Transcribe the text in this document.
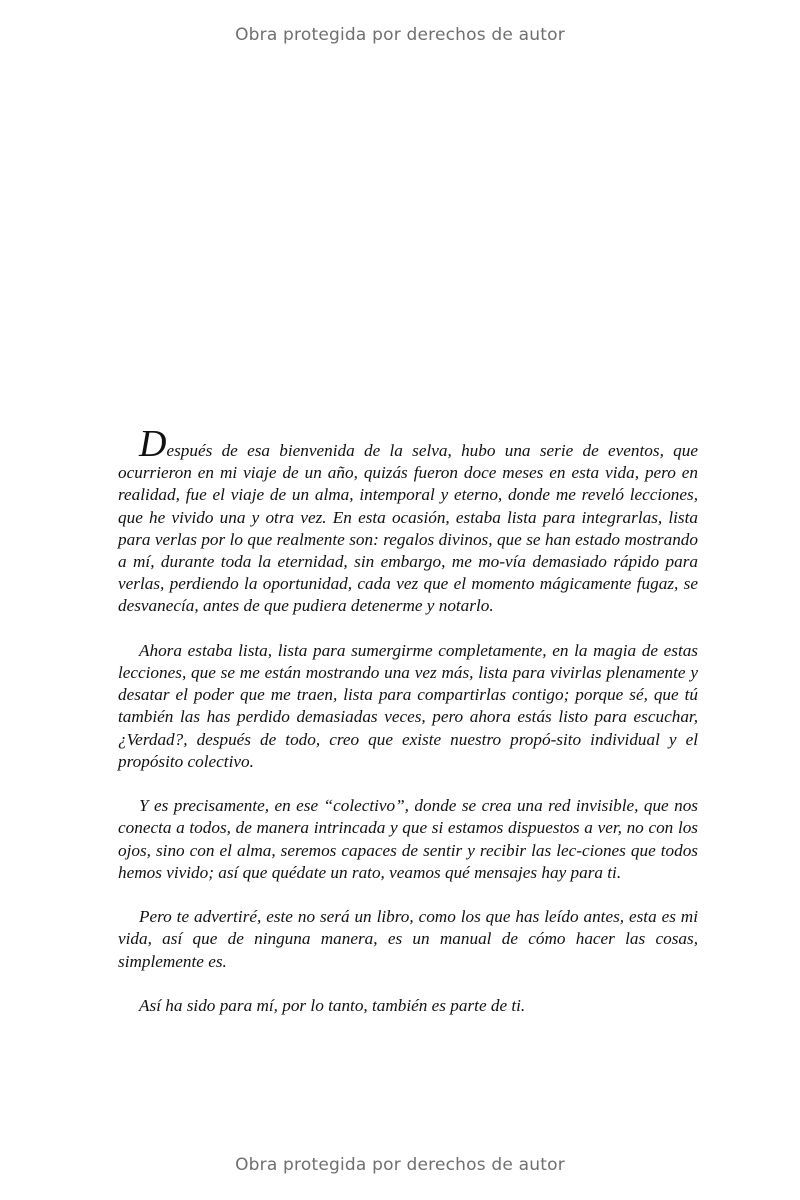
Obra protegida por derechos de autor

Después de esa bienvenida de la selva, hubo una serie de eventos, que ocurrieron en mi viaje de un año, quizás fueron doce meses en esta vida, pero en realidad, fue el viaje de un alma, intemporal y eterno, donde me reveló lecciones, que he vivido una y otra vez. En esta ocasión, estaba lista para integrarlas, lista para verlas por lo que realmente son: regalos divinos, que se han estado mostrando a mí, durante toda la eternidad, sin embargo, me mo-vía demasiado rápido para verlas, perdiendo la oportunidad, cada vez que el momento mágicamente fugaz, se desvanecía, antes de que pudiera detenerme y notarlo.

Ahora estaba lista, lista para sumergirme completamente, en la magia de estas lecciones, que se me están mostrando una vez más, lista para vivirlas plenamente y desatar el poder que me traen, lista para compartirlas contigo; porque sé, que tú también las has perdido demasiadas veces, pero ahora estás listo para escuchar, ¿Verdad?, después de todo, creo que existe nuestro propó-sito individual y el propósito colectivo.

Y es precisamente, en ese “colectivo”, donde se crea una red invisible, que nos conecta a todos, de manera intrincada y que si estamos dispuestos a ver, no con los ojos, sino con el alma, seremos capaces de sentir y recibir las lec-ciones que todos hemos vivido; así que quédate un rato, veamos qué mensajes hay para ti.

Pero te advertiré, este no será un libro, como los que has leído antes, esta es mi vida, así que de ninguna manera, es un manual de cómo hacer las cosas, simplemente es.

Así ha sido para mí, por lo tanto, también es parte de ti.

Obra protegida por derechos de autor
